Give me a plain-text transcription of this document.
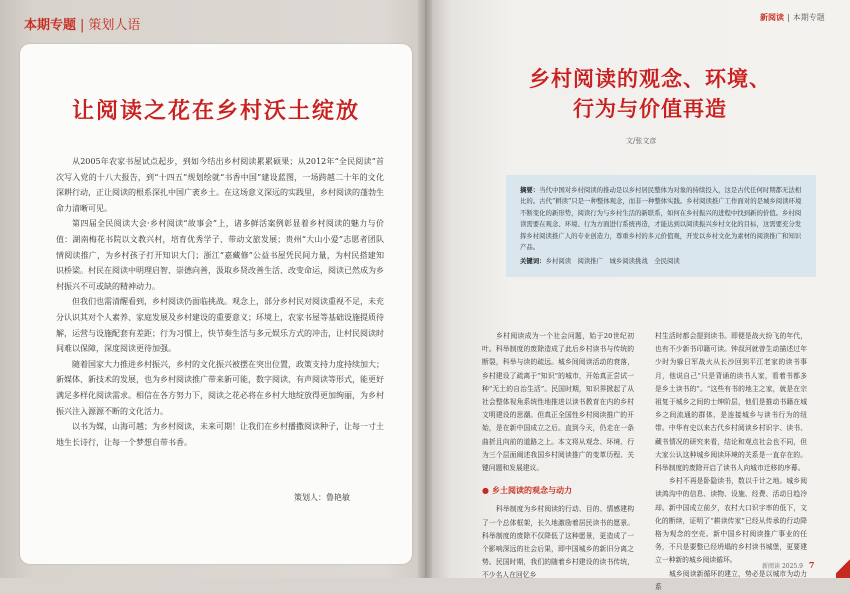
本期专题 | 策划人语
让阅读之花在乡村沃土绽放

从2005年农家书屋试点起步，到如今结出乡村阅读累累硕果；从2012年“全民阅读”首次写入党的十八大报告，到“十四五”规划绘就“书香中国”建设蓝图，一场跨越二十年的文化深耕行动，正让阅读的根系深扎中国广袤乡土。在这场意义深远的实践里，乡村阅读的蓬勃生命力清晰可见。

第四届全民阅读大会·乡村阅读“故事会”上，诸多鲜活案例彰显着乡村阅读的魅力与价值：湖南梅花书院以文教兴村，培育优秀学子、带动文旅发展；贵州“大山小爱”志愿者团队情阅读推广，为乡村孩子打开知识大门；浙江“嘉藏修”公益书屋凭民间力量，为村民搭建知识桥梁。村民在阅读中明理启智、崇德向善，汲取乡贤改善生活、改变命运，阅读已然成为乡村振兴不可或缺的精神动力。

但我们也需清醒看到，乡村阅读仍面临挑战。观念上，部分乡村民对阅读重视不足，未充分认识其对个人素养、家庭发展及乡村建设的重要意义；环境上，农家书屋等基础设施提质待解，运营与设施配套有差距；行为习惯上，快节奏生活与多元娱乐方式的冲击，让村民阅读时间难以保障，深度阅读更待加强。

随着国家大力推进乡村振兴，乡村的文化振兴被摆在突出位置，政策支持力度持续加大；新媒体、新技术的发展，也为乡村阅读推广带来新可能，数字阅读、有声阅读等形式，能更好满足多样化阅读需求。相信在各方努力下，阅读之花必将在乡村大地绽放得更加绚丽，为乡村振兴注入源源不断的文化活力。

以书为媒，山海可越；为乡村阅读，未来可期！让我们在乡村播撒阅读种子，让每一寸土地生长诗行，让每一个梦想自带书香。

策划人：鲁艳敏
新阅读 | 本期专题
乡村阅读的观念、环境、
行为与价值再造
文/张文彦

摘要：当代中国对乡村阅读的推动是以乡村居民整体为对象的持续投入，这是古代任何时期都无法相比的。古代“耕读”只是一种整体观念，而非一种整体实践。乡村阅读推广工作面对的是城乡阅读环境不断变化的新形势，阅读行为与乡村生活的新联系，如何在乡村振兴的进程中找到新的价值。乡村阅读需要在观念、环境、行为方面进行系统再造，才能达到以阅读振兴乡村文化的目标，这需要充分发挥乡村阅读推广人的专业创造力，尊重乡村的多元价值观，开发以乡村文化为素材的阅读推广和知识产品。

关键词：乡村阅读　阅读推广　城乡阅读挑战　全民阅读

乡村阅读成为一个社会问题，始于20世纪初叶。科举制度的废除造成了此后乡村读书与传统的断裂，科举与读的疏远。城乡间阅读活动的衰落，乡村建设了疏离于“知识”的城市，开始真正尝试一种“无土的自治生活”。民国时期，知识界掀起了从社会整体视角系统性地推进以读书教育在内的乡村文明建设的思潮。但真正全国性乡村阅读推广的开始，是在新中国成立之后。直到今天，仍走在一条曲折且向前的道路之上。本文将从观念、环境、行为三个层面阐述我国乡村阅读推广的变革历程、关键问题和发展建议。

● 乡土阅读的观念与动力

科举制度为乡村阅读的行动、目的、情感建构了一个总体框架，长久地激励着居民读书的愿景。科举制度的废除不仅降低了这种愿景，更造成了一个影响深远的社会后果，即中国城乡的新旧分离之势。民国时期，我们的随着乡村建设的读书传统，不少名人在回忆乡

村生活时都会提到读书。即便是战火纷飞的年代，也有不少新书印籍可读。钟叔河就曾生动描述过年少时为躲日军战火从长沙回到平江老家的读书事月，他说自己“只是背诵的读书人家，看着书都多是乡土读书的”。“这些有书的地主之家，就是在宗祖复于城乡之间的士绅阶层，他们是推动书籍在城乡之间流通的群体，是连接城乡与读书行为的纽带。中华有史以来古代乡村阅读乡村识字、读书、藏书情况的研究来看，结论和观点社会也不同，但大家公认这种城乡阅读环境的关系是一直存在的。科举制度的废除开启了读书人向城市迁移的序幕。

乡村不再是卧隐读书，数以千计之地。城乡阅读鸿沟中的信息、读物、设施、经费、活动日趋冷却。新中国成立前夕，农村大口识字率的低下，文化的断续，证明了“耕读传家”已经从传承的行动降格为观念的空壳。新中国乡村阅读推广事业的任务，不只是要整已经坍塌的乡村读书城堡，更要建立一种新的城乡阅读循环。

城乡阅读新循环的建立，势必是以城市为动力系

新阅读 2025.9 7
